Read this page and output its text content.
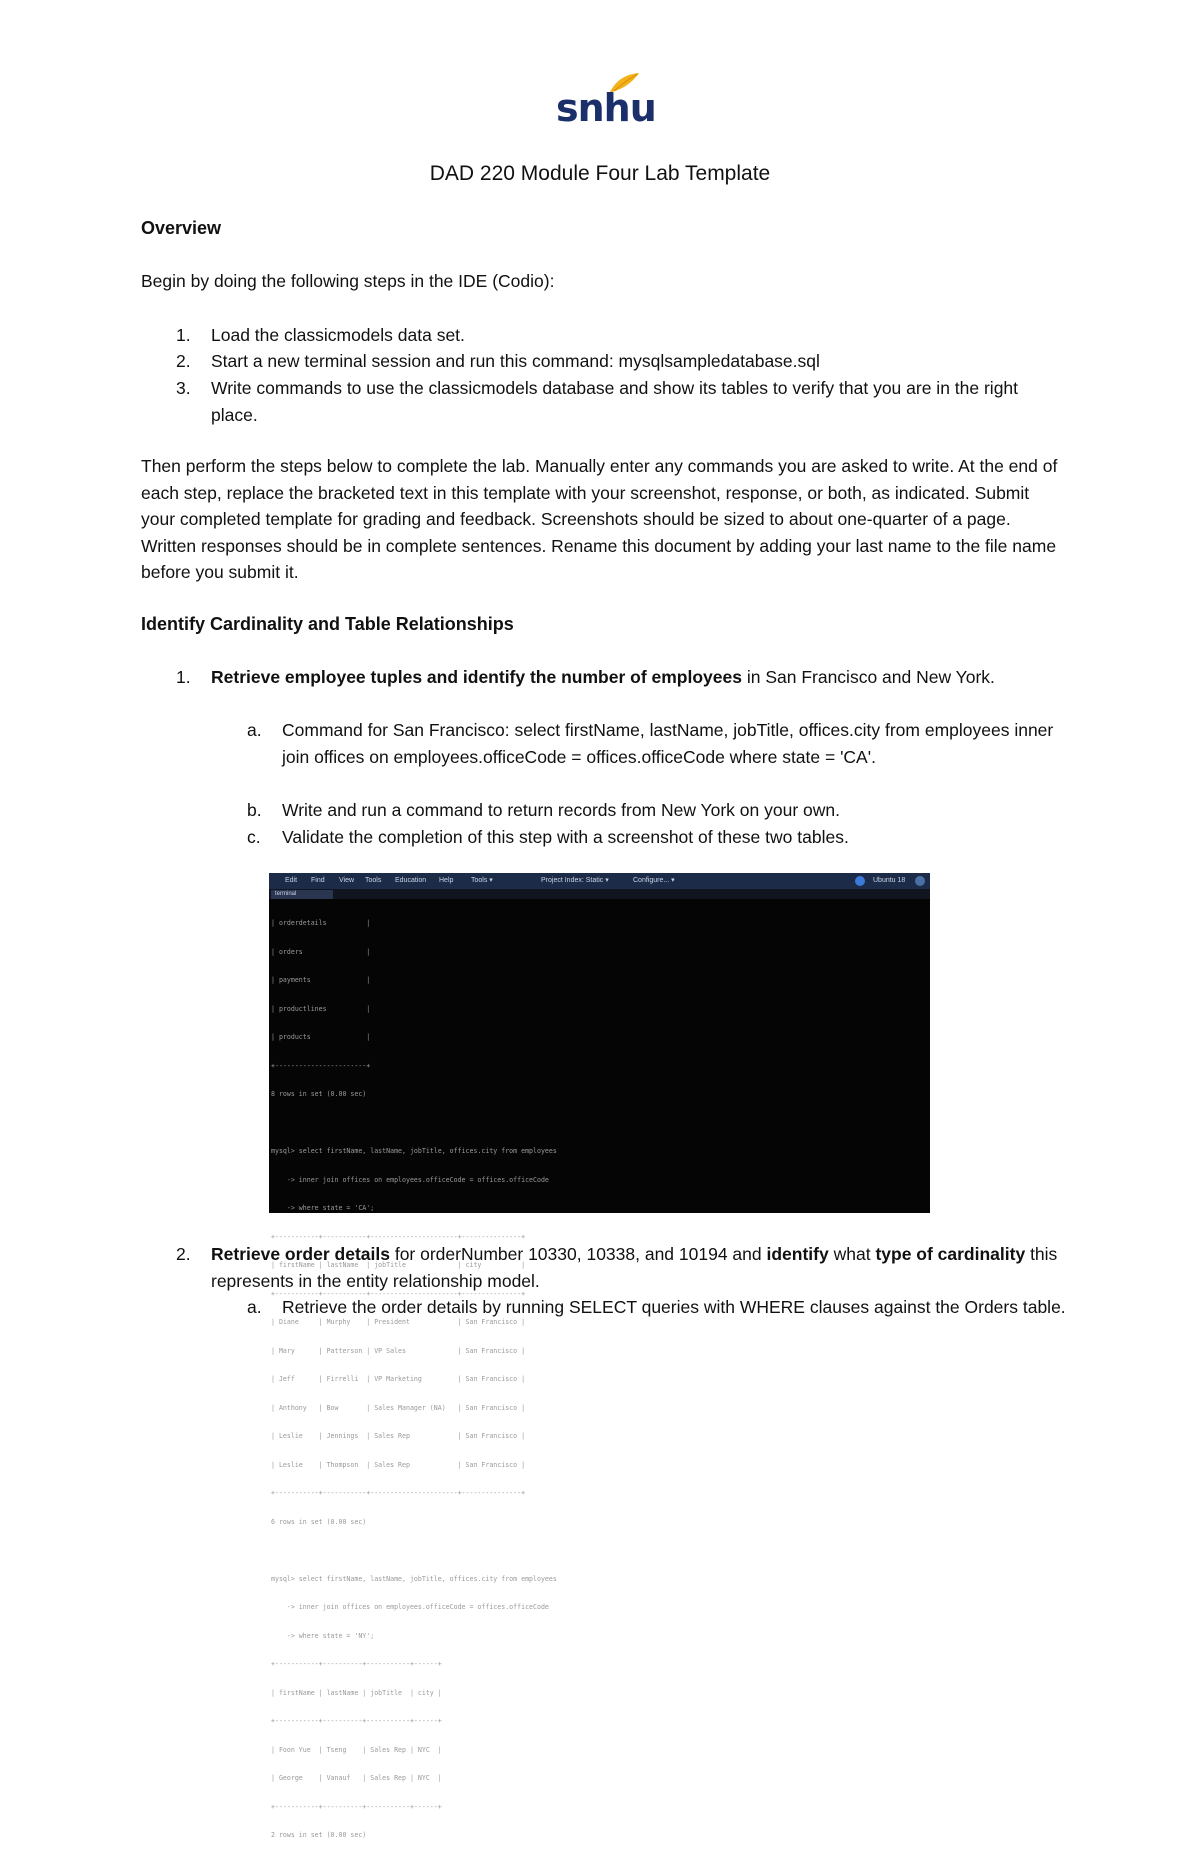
snhu
DAD 220 Module Four Lab Template
Overview
Begin by doing the following steps in the IDE (Codio):
1.	Load the classicmodels data set.
2.	Start a new terminal session and run this command: mysqlsampledatabase.sql
3.	Write commands to use the classicmodels database and show its tables to verify that you are in the right place.
Then perform the steps below to complete the lab. Manually enter any commands you are asked to write. At the end of each step, replace the bracketed text in this template with your screenshot, response, or both, as indicated. Submit your completed template for grading and feedback. Screenshots should be sized to about one-quarter of a page. Written responses should be in complete sentences. Rename this document by adding your last name to the file name before you submit it.
Identify Cardinality and Table Relationships
1.	Retrieve employee tuples and identify the number of employees in San Francisco and New York.
a.	Command for San Francisco: select firstName, lastName, jobTitle, offices.city from employees inner join offices on employees.officeCode = offices.officeCode where state = 'CA'.
b.	Write and run a command to return records from New York on your own.
c.	Validate the completion of this step with a screenshot of these two tables.
Edit Find View Tools Education Help	Tools ▾	Project Index: Static ▾	Configure... ▾	Ubuntu 18
terminal

| orderdetails          |

| orders                |

| payments              |

| productlines          |

| products              |

+-----------------------+

8 rows in set (0.00 sec)

mysql> select firstName, lastName, jobTitle, offices.city from employees

-> inner join offices on employees.officeCode = offices.officeCode

-> where state = 'CA';

+-----------+-----------+----------------------+---------------+

| firstName | lastName  | jobTitle             | city          |

+-----------+-----------+----------------------+---------------+

| Diane     | Murphy    | President            | San Francisco |

| Mary      | Patterson | VP Sales             | San Francisco |

| Jeff      | Firrelli  | VP Marketing         | San Francisco |

| Anthony   | Bow       | Sales Manager (NA)   | San Francisco |

| Leslie    | Jennings  | Sales Rep            | San Francisco |

| Leslie    | Thompson  | Sales Rep            | San Francisco |

+-----------+-----------+----------------------+---------------+

6 rows in set (0.00 sec)

mysql> select firstName, lastName, jobTitle, offices.city from employees

-> inner join offices on employees.officeCode = offices.officeCode

-> where state = 'NY';

+-----------+----------+-----------+------+

| firstName | lastName | jobTitle  | city |

+-----------+----------+-----------+------+

| Foon Yue  | Tseng    | Sales Rep | NYC  |

| George    | Vanauf   | Sales Rep | NYC  |

+-----------+----------+-----------+------+

2 rows in set (0.00 sec)

2.	Retrieve order details for orderNumber 10330, 10338, and 10194 and identify what type of cardinality this represents in the entity relationship model.
a.	Retrieve the order details by running SELECT queries with WHERE clauses against the Orders table.
